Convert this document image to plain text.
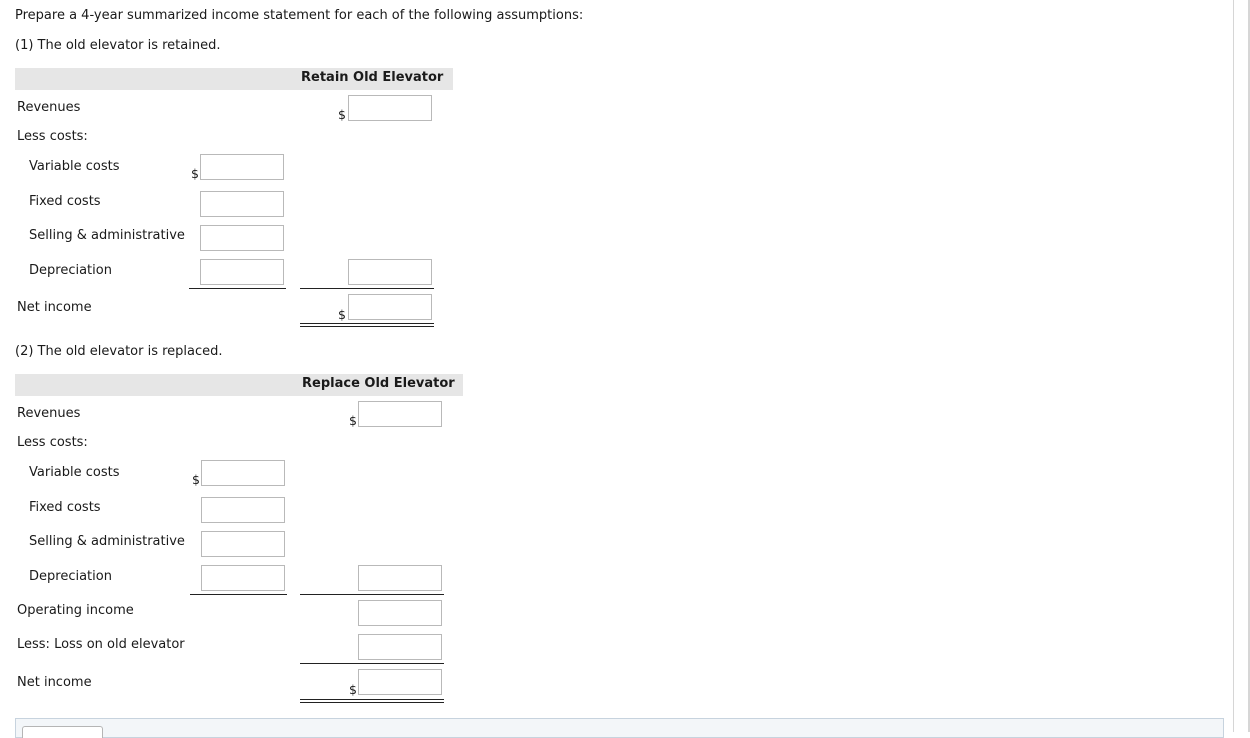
Prepare a 4-year summarized income statement for each of the following assumptions:
(1) The old elevator is retained.
Retain Old Elevator
Revenues	$
Less costs:
Variable costs	$
Fixed costs
Selling & administrative
Depreciation
Net income	$
(2) The old elevator is replaced.
Replace Old Elevator
Revenues	$
Less costs:
Variable costs	$
Fixed costs
Selling & administrative
Depreciation
Operating income
Less: Loss on old elevator
Net income	$
